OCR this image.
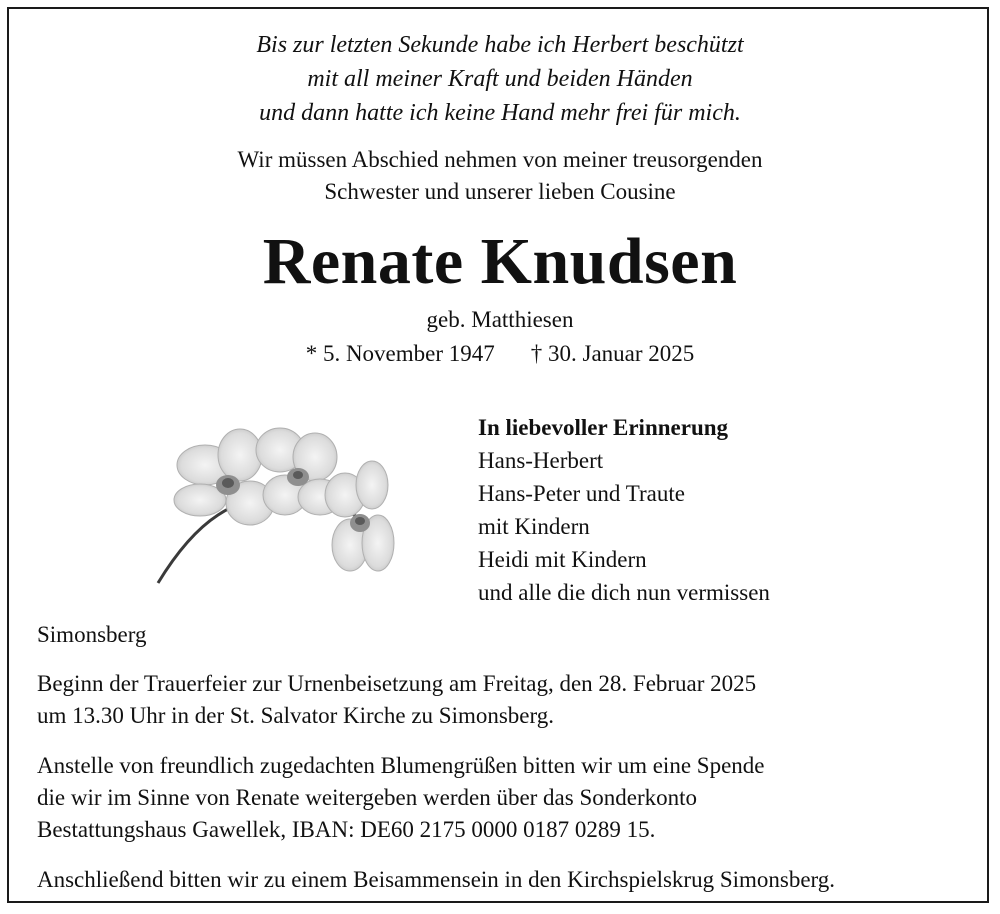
Bis zur letzten Sekunde habe ich Herbert beschützt
mit all meiner Kraft und beiden Händen
und dann hatte ich keine Hand mehr frei für mich.
Wir müssen Abschied nehmen von meiner treusorgenden
Schwester und unserer lieben Cousine
Renate Knudsen
geb. Matthiesen
* 5. November 1947 † 30. Januar 2025
In liebevoller Erinnerung
Hans-Herbert
Hans-Peter und Traute
mit Kindern
Heidi mit Kindern
und alle die dich nun vermissen
Simonsberg
Beginn der Trauerfeier zur Urnenbeisetzung am Freitag, den 28. Februar 2025
um 13.30 Uhr in der St. Salvator Kirche zu Simonsberg.
Anstelle von freundlich zugedachten Blumengrüßen bitten wir um eine Spende
die wir im Sinne von Renate weitergeben werden über das Sonderkonto
Bestattungshaus Gawellek, IBAN: DE60 2175 0000 0187 0289 15.
Anschließend bitten wir zu einem Beisammensein in den Kirchspielskrug Simonsberg.
